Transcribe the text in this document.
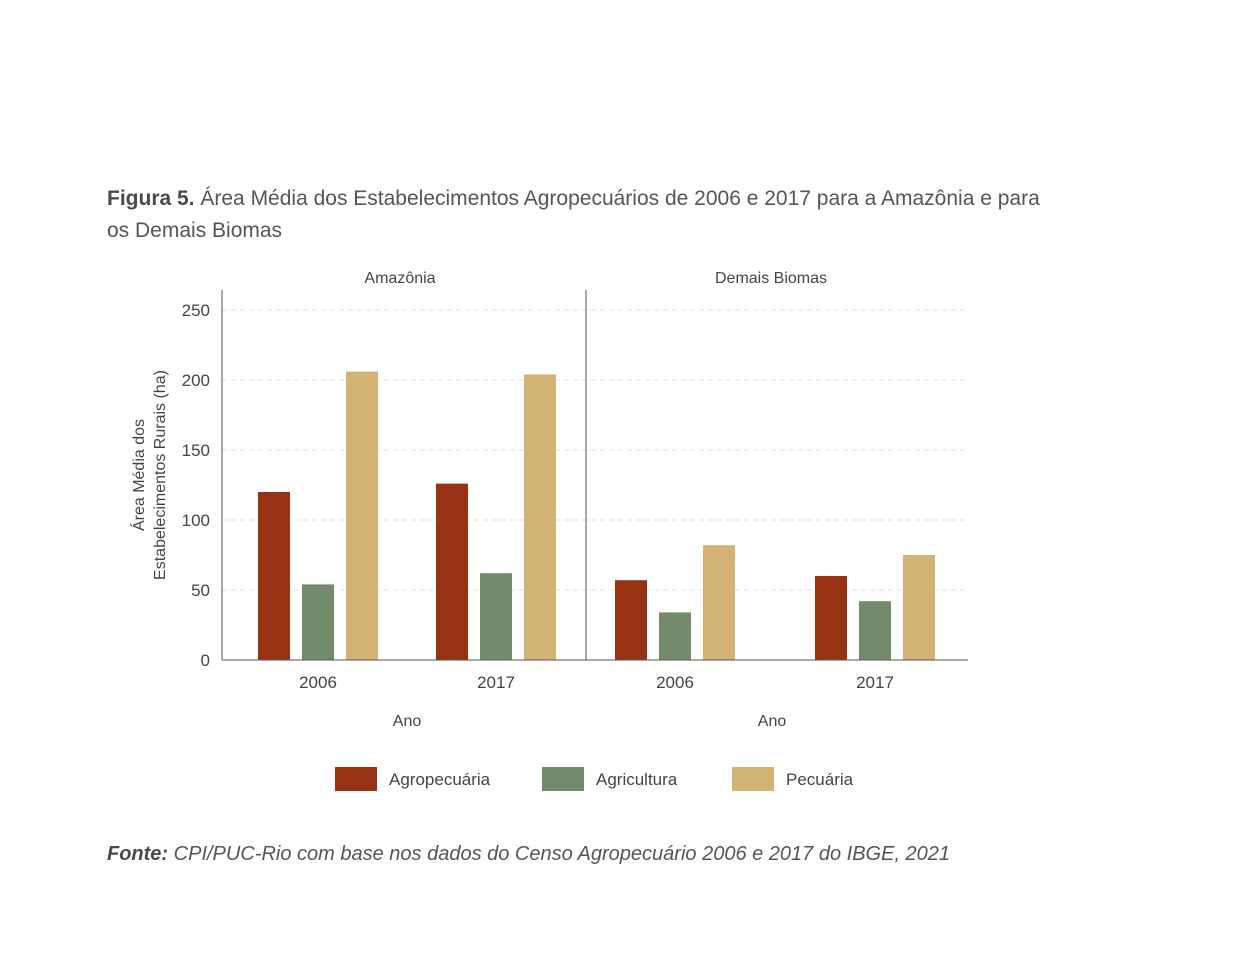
Figura 5. Área Média dos Estabelecimentos Agropecuários de 2006 e 2017 para a Amazônia e para os Demais Biomas
0
50
100
150
200
250
Área Média dos Estabelecimentos Rurais (ha)
Amazônia
2006	2017
Ano
Demais Biomas
2006	2017
Ano
Agropecuária	Agricultura	Pecuária
Fonte: CPI/PUC-Rio com base nos dados do Censo Agropecuário 2006 e 2017 do IBGE, 2021
